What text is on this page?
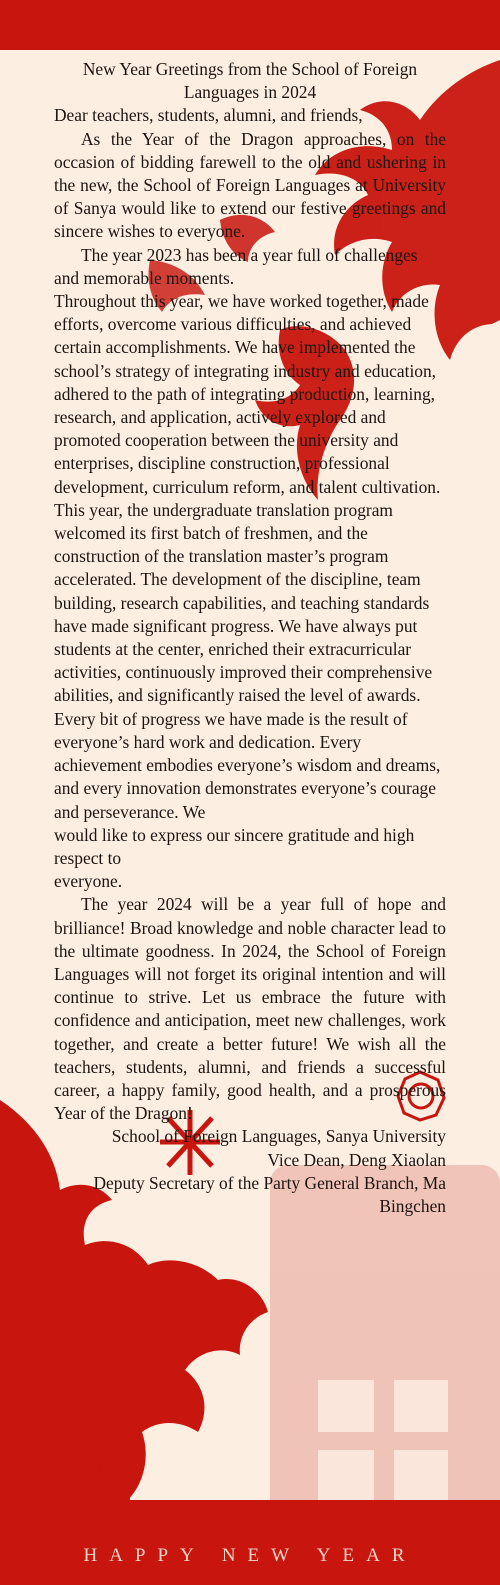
New Year Greetings from the School of Foreign Languages in 2024

Dear teachers, students, alumni, and friends,

As the Year of the Dragon approaches, on the occasion of bidding farewell to the old and ushering in the new, the School of Foreign Languages at University of Sanya would like to extend our festive greetings and sincere wishes to everyone.

The year 2023 has been a year full of challenges and memorable moments.

Throughout this year, we have worked together, made efforts, overcome various difficulties, and achieved certain accomplishments. We have implemented the school’s strategy of integrating industry and education, adhered to the path of integrating production, learning, research, and application, actively explored and promoted cooperation between the university and enterprises, discipline construction, professional development, curriculum reform, and talent cultivation. This year, the undergraduate translation program welcomed its first batch of freshmen, and the construction of the translation master’s program accelerated. The development of the discipline, team building, research capabilities, and teaching standards have made significant progress. We have always put students at the center, enriched their extracurricular activities, continuously improved their comprehensive abilities, and significantly raised the level of awards. Every bit of progress we have made is the result of everyone’s hard work and dedication. Every achievement embodies everyone’s wisdom and dreams, and every innovation demonstrates everyone’s courage and perseverance. We

would like to express our sincere gratitude and high respect to

everyone.

The year 2024 will be a year full of hope and brilliance! Broad knowledge and noble character lead to the ultimate goodness. In 2024, the School of Foreign Languages will not forget its original intention and will continue to strive. Let us embrace the future with confidence and anticipation, meet new challenges, work together, and create a better future! We wish all the teachers, students, alumni, and friends a successful career, a happy family, good health, and a prosperous Year of the Dragon!

School of Foreign Languages, Sanya University

Vice Dean, Deng Xiaolan

Deputy Secretary of the Party General Branch, Ma Bingchen

HAPPY NEW YEAR
